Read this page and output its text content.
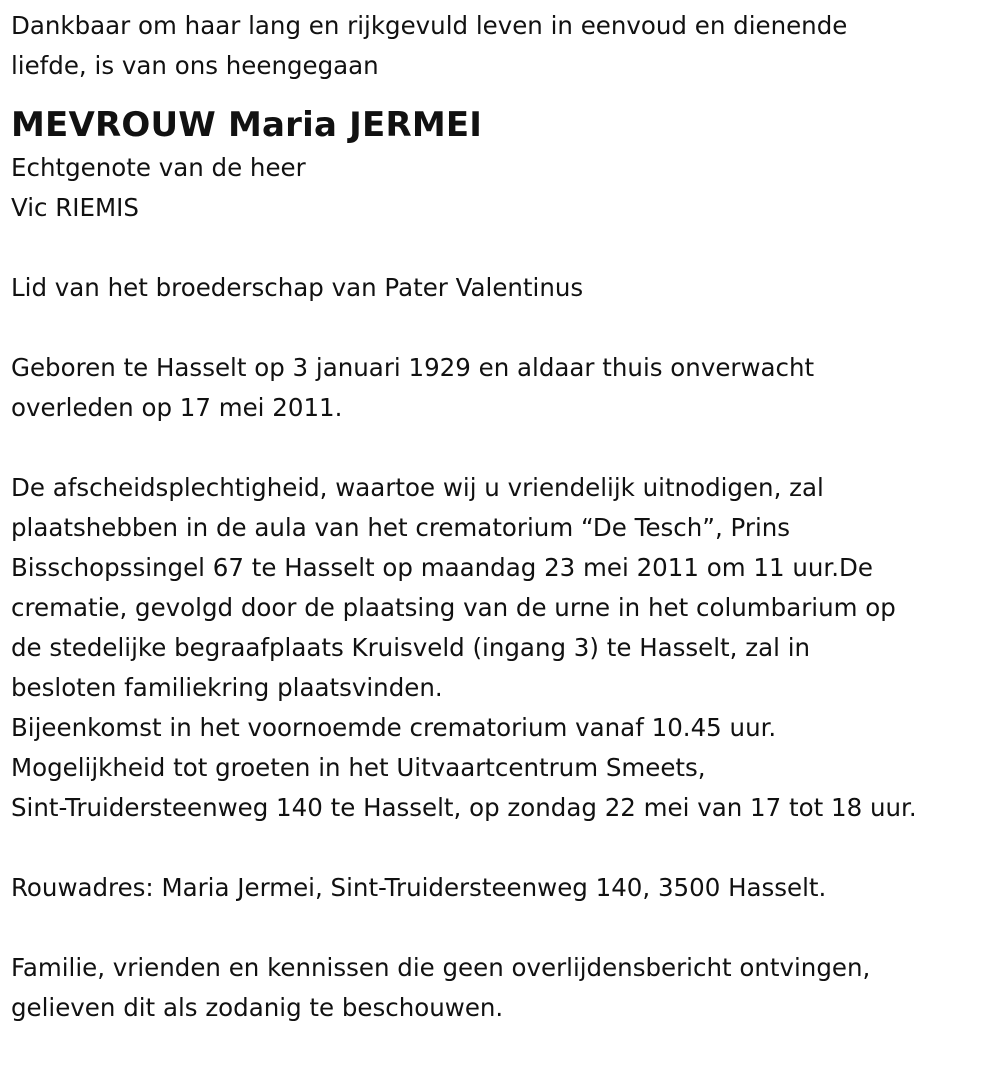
Dankbaar om haar lang en rijkgevuld leven in eenvoud en dienende
liefde, is van ons heengegaan

MEVROUW Maria JERMEI

Echtgenote van de heer
Vic RIEMIS

Lid van het broederschap van Pater Valentinus

Geboren te Hasselt op 3 januari 1929 en aldaar thuis onverwacht
overleden op 17 mei 2011.

De afscheidsplechtigheid, waartoe wij u vriendelijk uitnodigen, zal
plaatshebben in de aula van het crematorium “De Tesch”, Prins
Bisschopssingel 67 te Hasselt op maandag 23 mei 2011 om 11 uur.De
crematie, gevolgd door de plaatsing van de urne in het columbarium op
de stedelijke begraafplaats Kruisveld (ingang 3) te Hasselt, zal in
besloten familiekring plaatsvinden.
Bijeenkomst in het voornoemde crematorium vanaf 10.45 uur.
Mogelijkheid tot groeten in het Uitvaartcentrum Smeets,
Sint-Truidersteenweg 140 te Hasselt, op zondag 22 mei van 17 tot 18 uur.

Rouwadres: Maria Jermei, Sint-Truidersteenweg 140, 3500 Hasselt.

Familie, vrienden en kennissen die geen overlijdensbericht ontvingen,
gelieven dit als zodanig te beschouwen.
